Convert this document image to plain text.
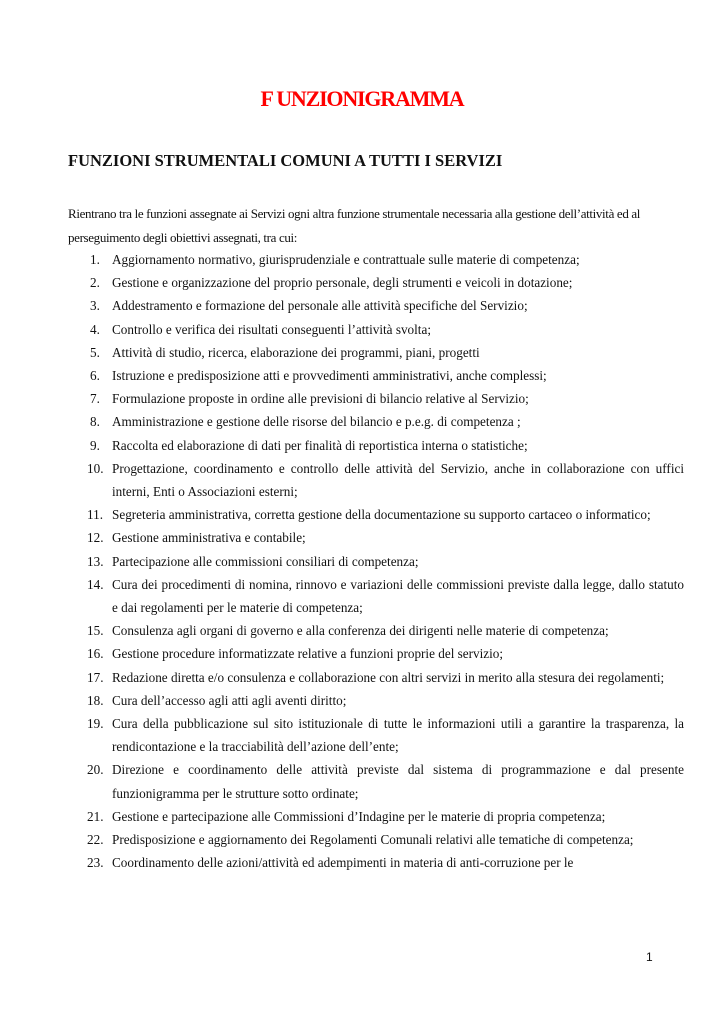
F UNZIONIGRAMMA
FUNZIONI STRUMENTALI COMUNI A TUTTI I SERVIZI
Rientrano tra le funzioni assegnate ai Servizi ogni altra funzione strumentale necessaria alla gestione dell’attività ed al perseguimento degli obiettivi assegnati, tra cui:
1. Aggiornamento normativo, giurisprudenziale e contrattuale sulle materie di competenza;
2. Gestione e organizzazione del proprio personale, degli strumenti e veicoli in dotazione;
3. Addestramento e formazione del personale alle attività specifiche del Servizio;
4. Controllo e verifica dei risultati conseguenti l’attività svolta;
5. Attività di studio, ricerca, elaborazione dei programmi, piani, progetti
6. Istruzione e predisposizione atti e provvedimenti amministrativi, anche complessi;
7. Formulazione proposte in ordine alle previsioni di bilancio relative al Servizio;
8. Amministrazione e gestione delle risorse del bilancio e p.e.g. di competenza ;
9. Raccolta ed elaborazione di dati per finalità di reportistica interna o statistiche;
10. Progettazione, coordinamento e controllo delle attività del Servizio, anche in collaborazione con uffici interni, Enti o Associazioni esterni;
11. Segreteria amministrativa, corretta gestione della documentazione su supporto cartaceo o informatico;
12. Gestione amministrativa e contabile;
13. Partecipazione alle commissioni consiliari di competenza;
14. Cura dei procedimenti di nomina, rinnovo e variazioni delle commissioni previste dalla legge, dallo statuto e dai regolamenti per le materie di competenza;
15. Consulenza agli organi di governo e alla conferenza dei dirigenti nelle materie di competenza;
16. Gestione procedure informatizzate relative a funzioni proprie del servizio;
17. Redazione diretta e/o consulenza e collaborazione con altri servizi in merito alla stesura dei regolamenti;
18. Cura dell’accesso agli atti agli aventi diritto;
19. Cura della pubblicazione sul sito istituzionale di tutte le informazioni utili a garantire la trasparenza, la rendicontazione e la tracciabilità dell’azione dell’ente;
20. Direzione e coordinamento delle attività previste dal sistema di programmazione e dal presente funzionigramma per le strutture sotto ordinate;
21. Gestione e partecipazione alle Commissioni d’Indagine per le materie di propria competenza;
22. Predisposizione e aggiornamento dei Regolamenti Comunali relativi alle tematiche di competenza;
23. Coordinamento delle azioni/attività ed adempimenti in materia di anti-corruzione per le
1
